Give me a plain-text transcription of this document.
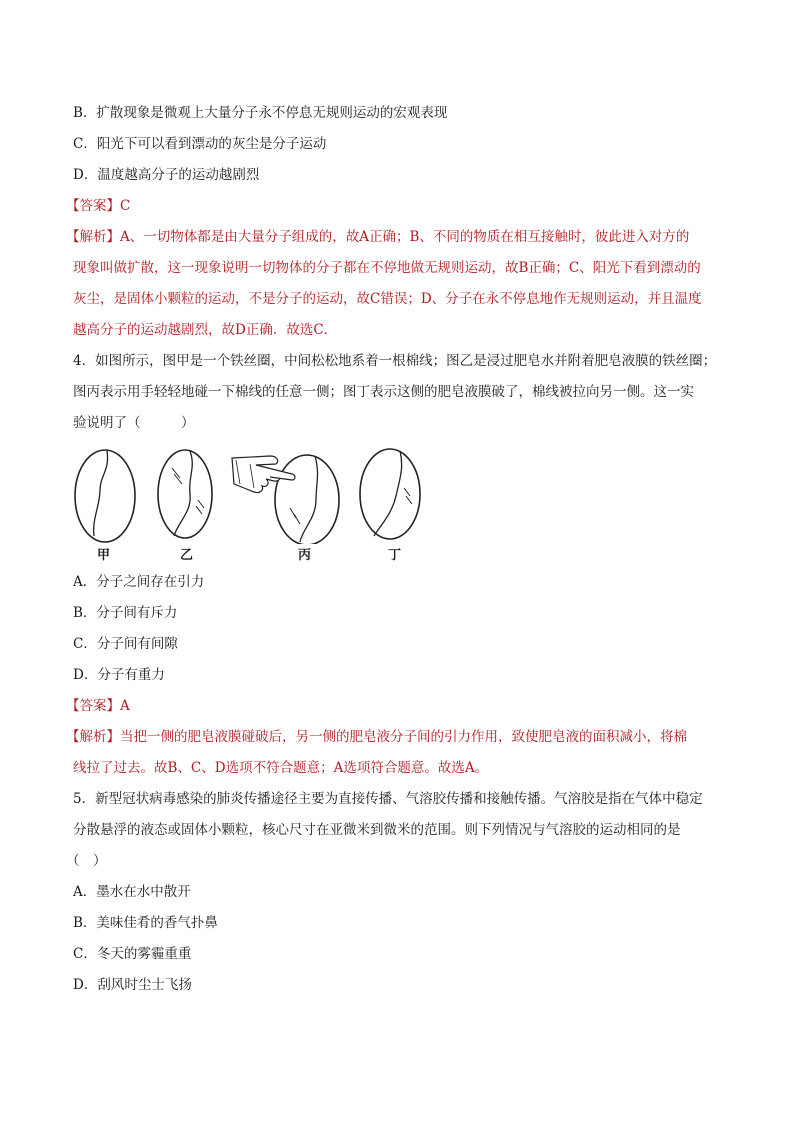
B．扩散现象是微观上大量分子永不停息无规则运动的宏观表现
C．阳光下可以看到漂动的灰尘是分子运动
D．温度越高分子的运动越剧烈
【答案】C
【解析】A、一切物体都是由大量分子组成的，故A正确；B、不同的物质在相互接触时，彼此进入对方的
现象叫做扩散，这一现象说明一切物体的分子都在不停地做无规则运动，故B正确；C、阳光下看到漂动的
灰尘，是固体小颗粒的运动，不是分子的运动，故C错误；D、分子在永不停息地作无规则运动，并且温度
越高分子的运动越剧烈，故D正确．故选C．
4．如图所示，图甲是一个铁丝圈，中间松松地系着一根棉线；图乙是浸过肥皂水并附着肥皂液膜的铁丝圈；
图丙表示用手轻轻地碰一下棉线的任意一侧；图丁表示这侧的肥皂液膜破了，棉线被拉向另一侧。这一实
验说明了（　　　）
甲	乙	丙	丁
A．分子之间存在引力
B．分子间有斥力
C．分子间有间隙
D．分子有重力
【答案】A
【解析】当把一侧的肥皂液膜碰破后，另一侧的肥皂液分子间的引力作用，致使肥皂液的面积减小，将棉
线拉了过去。故B、C、D选项不符合题意；A选项符合题意。故选A。
5．新型冠状病毒感染的肺炎传播途径主要为直接传播、气溶胶传播和接触传播。气溶胶是指在气体中稳定
分散悬浮的液态或固体小颗粒，核心尺寸在亚微米到微米的范围。则下列情况与气溶胶的运动相同的是
（　）
A．墨水在水中散开
B．美味佳肴的香气扑鼻
C．冬天的雾霾重重
D．刮风时尘士飞扬
